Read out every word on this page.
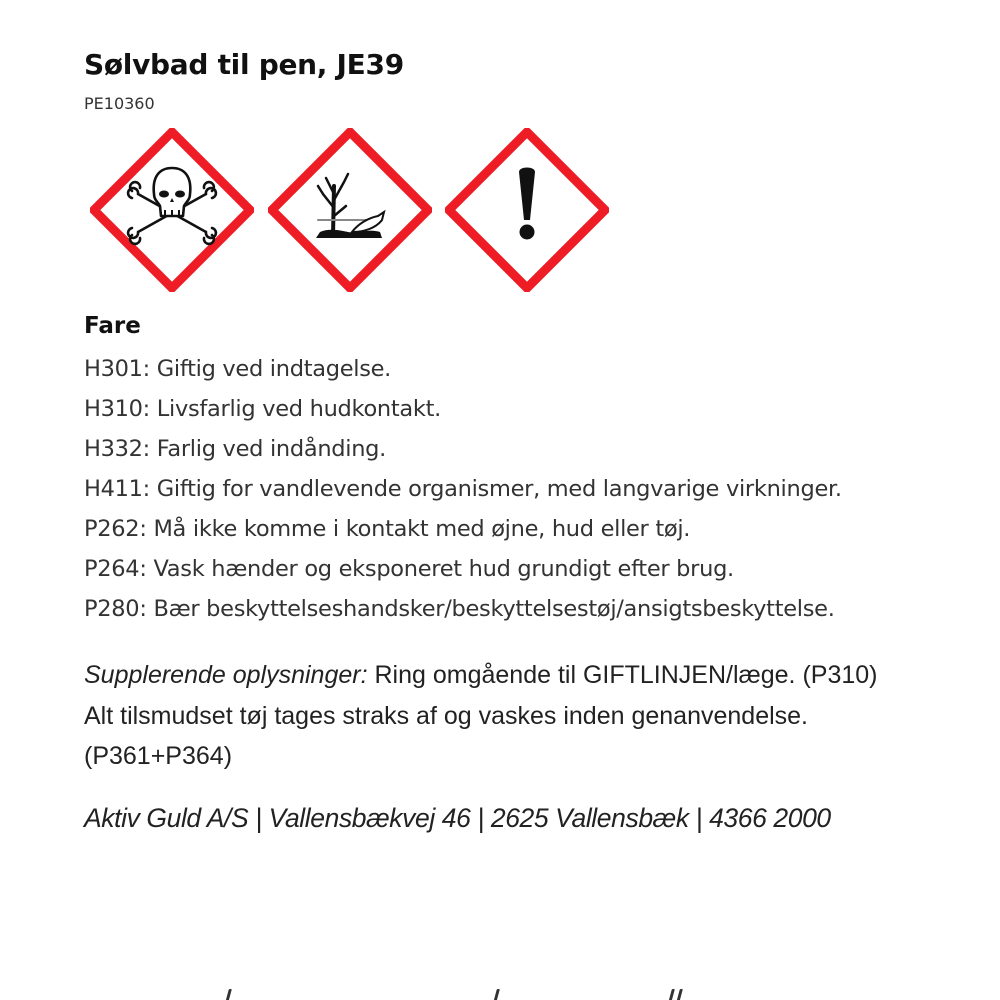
Sølvbad til pen, JE39
PE10360
Fare
H301: Giftig ved indtagelse.
H310: Livsfarlig ved hudkontakt.
H332: Farlig ved indånding.
H411: Giftig for vandlevende organismer, med langvarige virkninger.
P262: Må ikke komme i kontakt med øjne, hud eller tøj.
P264: Vask hænder og eksponeret hud grundigt efter brug.
P280: Bær beskyttelseshandsker/beskyttelsestøj/ansigtsbeskyttelse.
Supplerende oplysninger: Ring omgående til GIFTLINJEN/læge. (P310)
Alt tilsmudset tøj tages straks af og vaskes inden genanvendelse.
(P361+P364)
Aktiv Guld A/S | Vallensbækvej 46 | 2625 Vallensbæk | 4366 2000
